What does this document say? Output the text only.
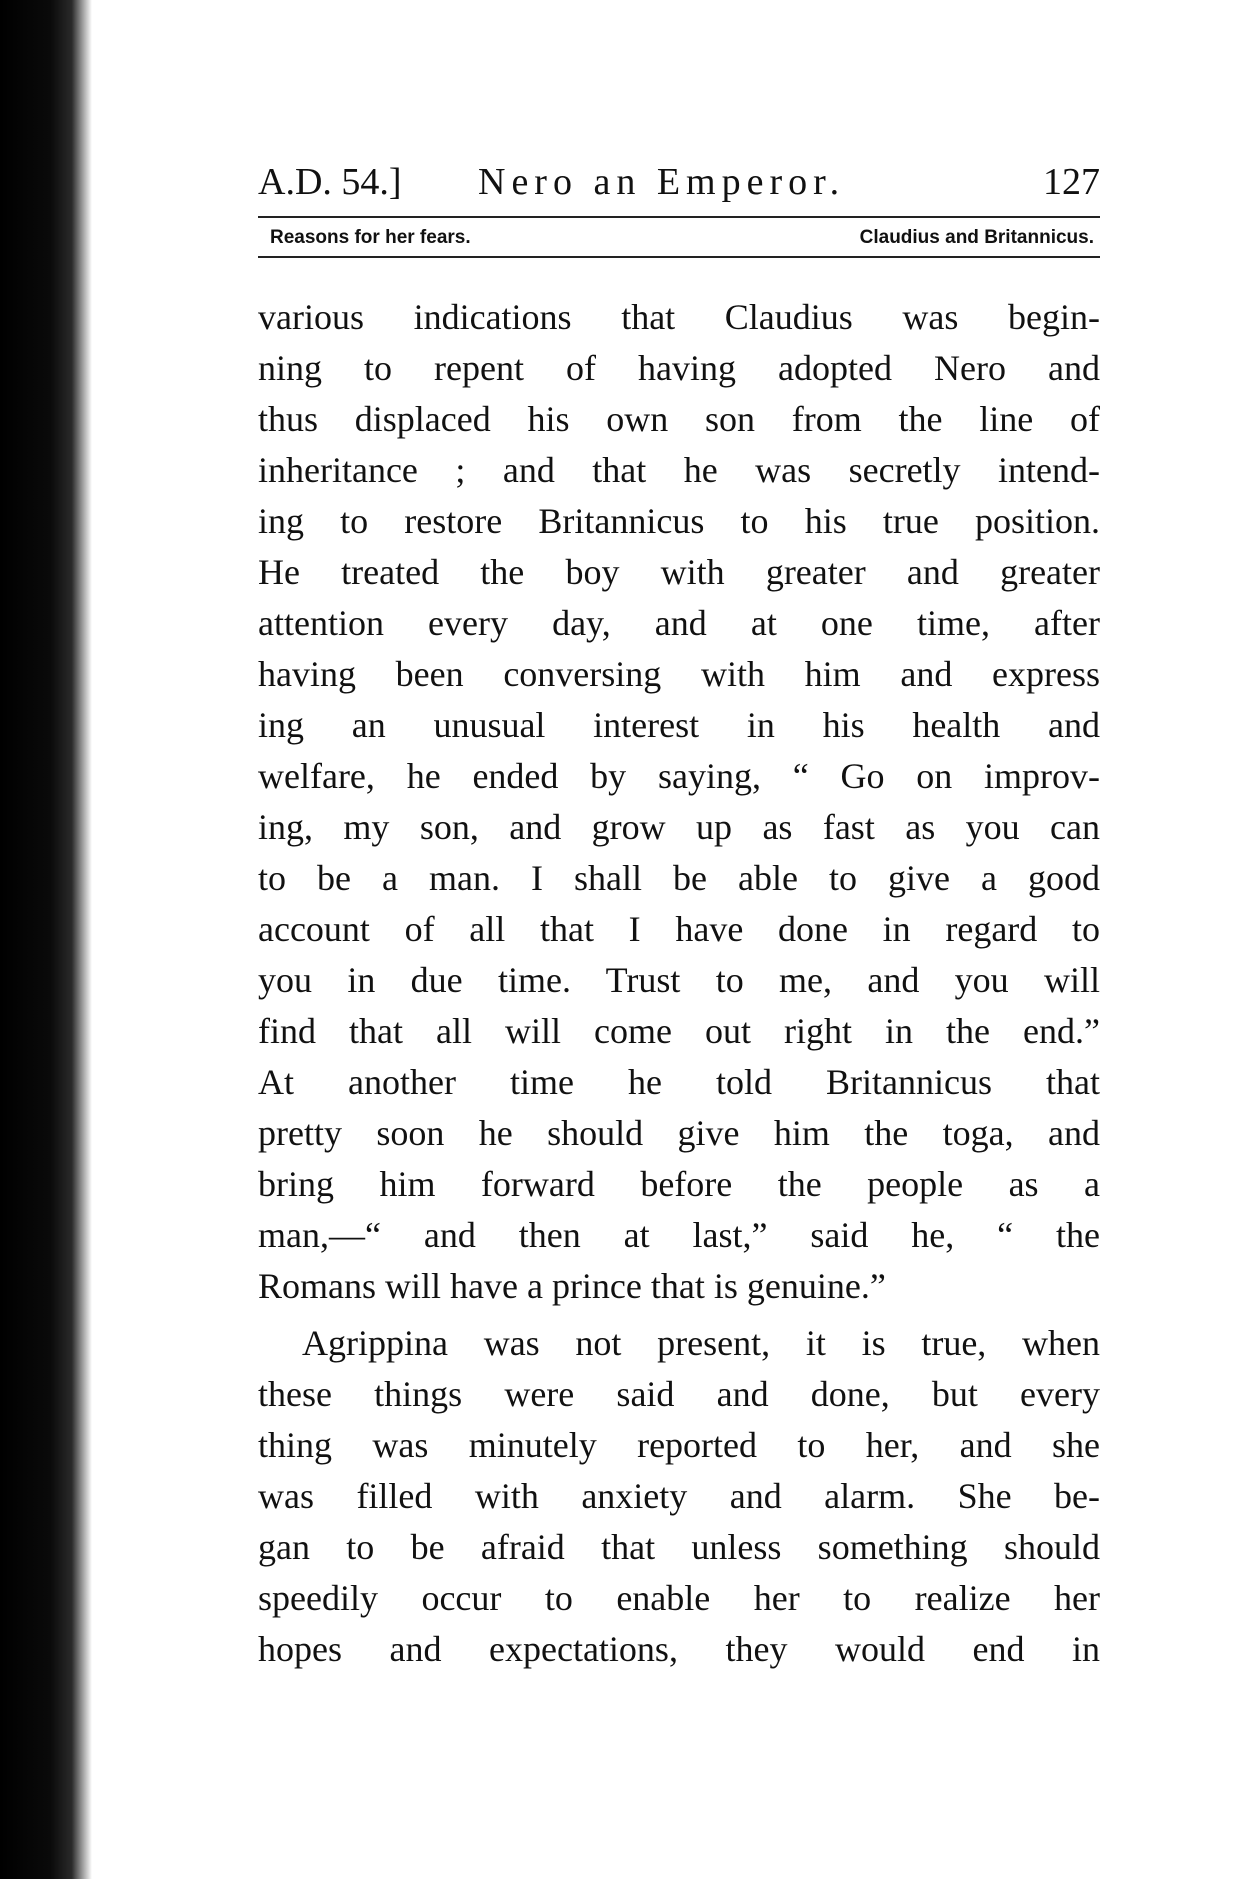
A.D. 54.] Nero an Emperor.	127
Reasons for her fears.	Claudius and Britannicus.
various indications that Claudius was begin-
ning to repent of having adopted Nero and
thus displaced his own son from the line of
inheritance ; and that he was secretly intend-
ing to restore Britannicus to his true position.
He treated the boy with greater and greater
attention every day, and at one time, after
having been conversing with him and express
ing an unusual interest in his health and
welfare, he ended by saying, “ Go on improv-
ing, my son, and grow up as fast as you can
to be a man. I shall be able to give a good
account of all that I have done in regard to
you in due time. Trust to me, and you will
find that all will come out right in the end.”
At another time he told Britannicus that
pretty soon he should give him the toga, and
bring him forward before the people as a
man,—“ and then at last,” said he, “ the
Romans will have a prince that is genuine.”
Agrippina was not present, it is true, when
these things were said and done, but every
thing was minutely reported to her, and she
was filled with anxiety and alarm. She be-
gan to be afraid that unless something should
speedily occur to enable her to realize her
hopes and expectations, they would end in
